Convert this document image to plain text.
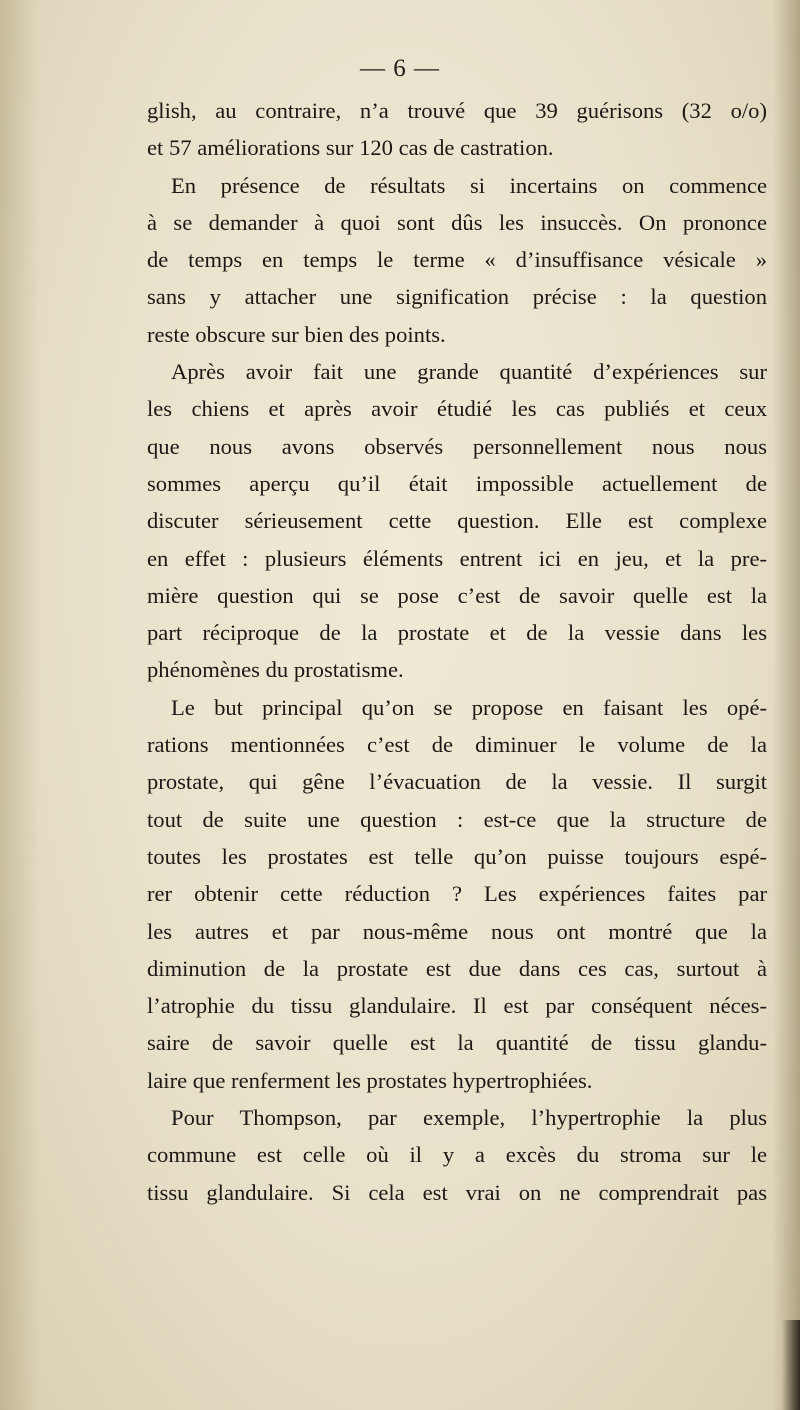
— 6 —
glish, au contraire, n’a trouvé que 39 guérisons (32 o/o)
et 57 améliorations sur 120 cas de castration.
En présence de résultats si incertains on commence
à se demander à quoi sont dûs les insuccès. On prononce
de temps en temps le terme « d’insuffisance vésicale »
sans y attacher une signification précise : la question
reste obscure sur bien des points.
Après avoir fait une grande quantité d’expériences sur
les chiens et après avoir étudié les cas publiés et ceux
que nous avons observés personnellement nous nous
sommes aperçu qu’il était impossible actuellement de
discuter sérieusement cette question. Elle est complexe
en effet : plusieurs éléments entrent ici en jeu, et la pre-
mière question qui se pose c’est de savoir quelle est la
part réciproque de la prostate et de la vessie dans les
phénomènes du prostatisme.
Le but principal qu’on se propose en faisant les opé-
rations mentionnées c’est de diminuer le volume de la
prostate, qui gêne l’évacuation de la vessie. Il surgit
tout de suite une question : est-ce que la structure de
toutes les prostates est telle qu’on puisse toujours espé-
rer obtenir cette réduction ? Les expériences faites par
les autres et par nous-même nous ont montré que la
diminution de la prostate est due dans ces cas, surtout à
l’atrophie du tissu glandulaire. Il est par conséquent néces-
saire de savoir quelle est la quantité de tissu glandu-
laire que renferment les prostates hypertrophiées.
Pour Thompson, par exemple, l’hypertrophie la plus
commune est celle où il y a excès du stroma sur le
tissu glandulaire. Si cela est vrai on ne comprendrait pas
